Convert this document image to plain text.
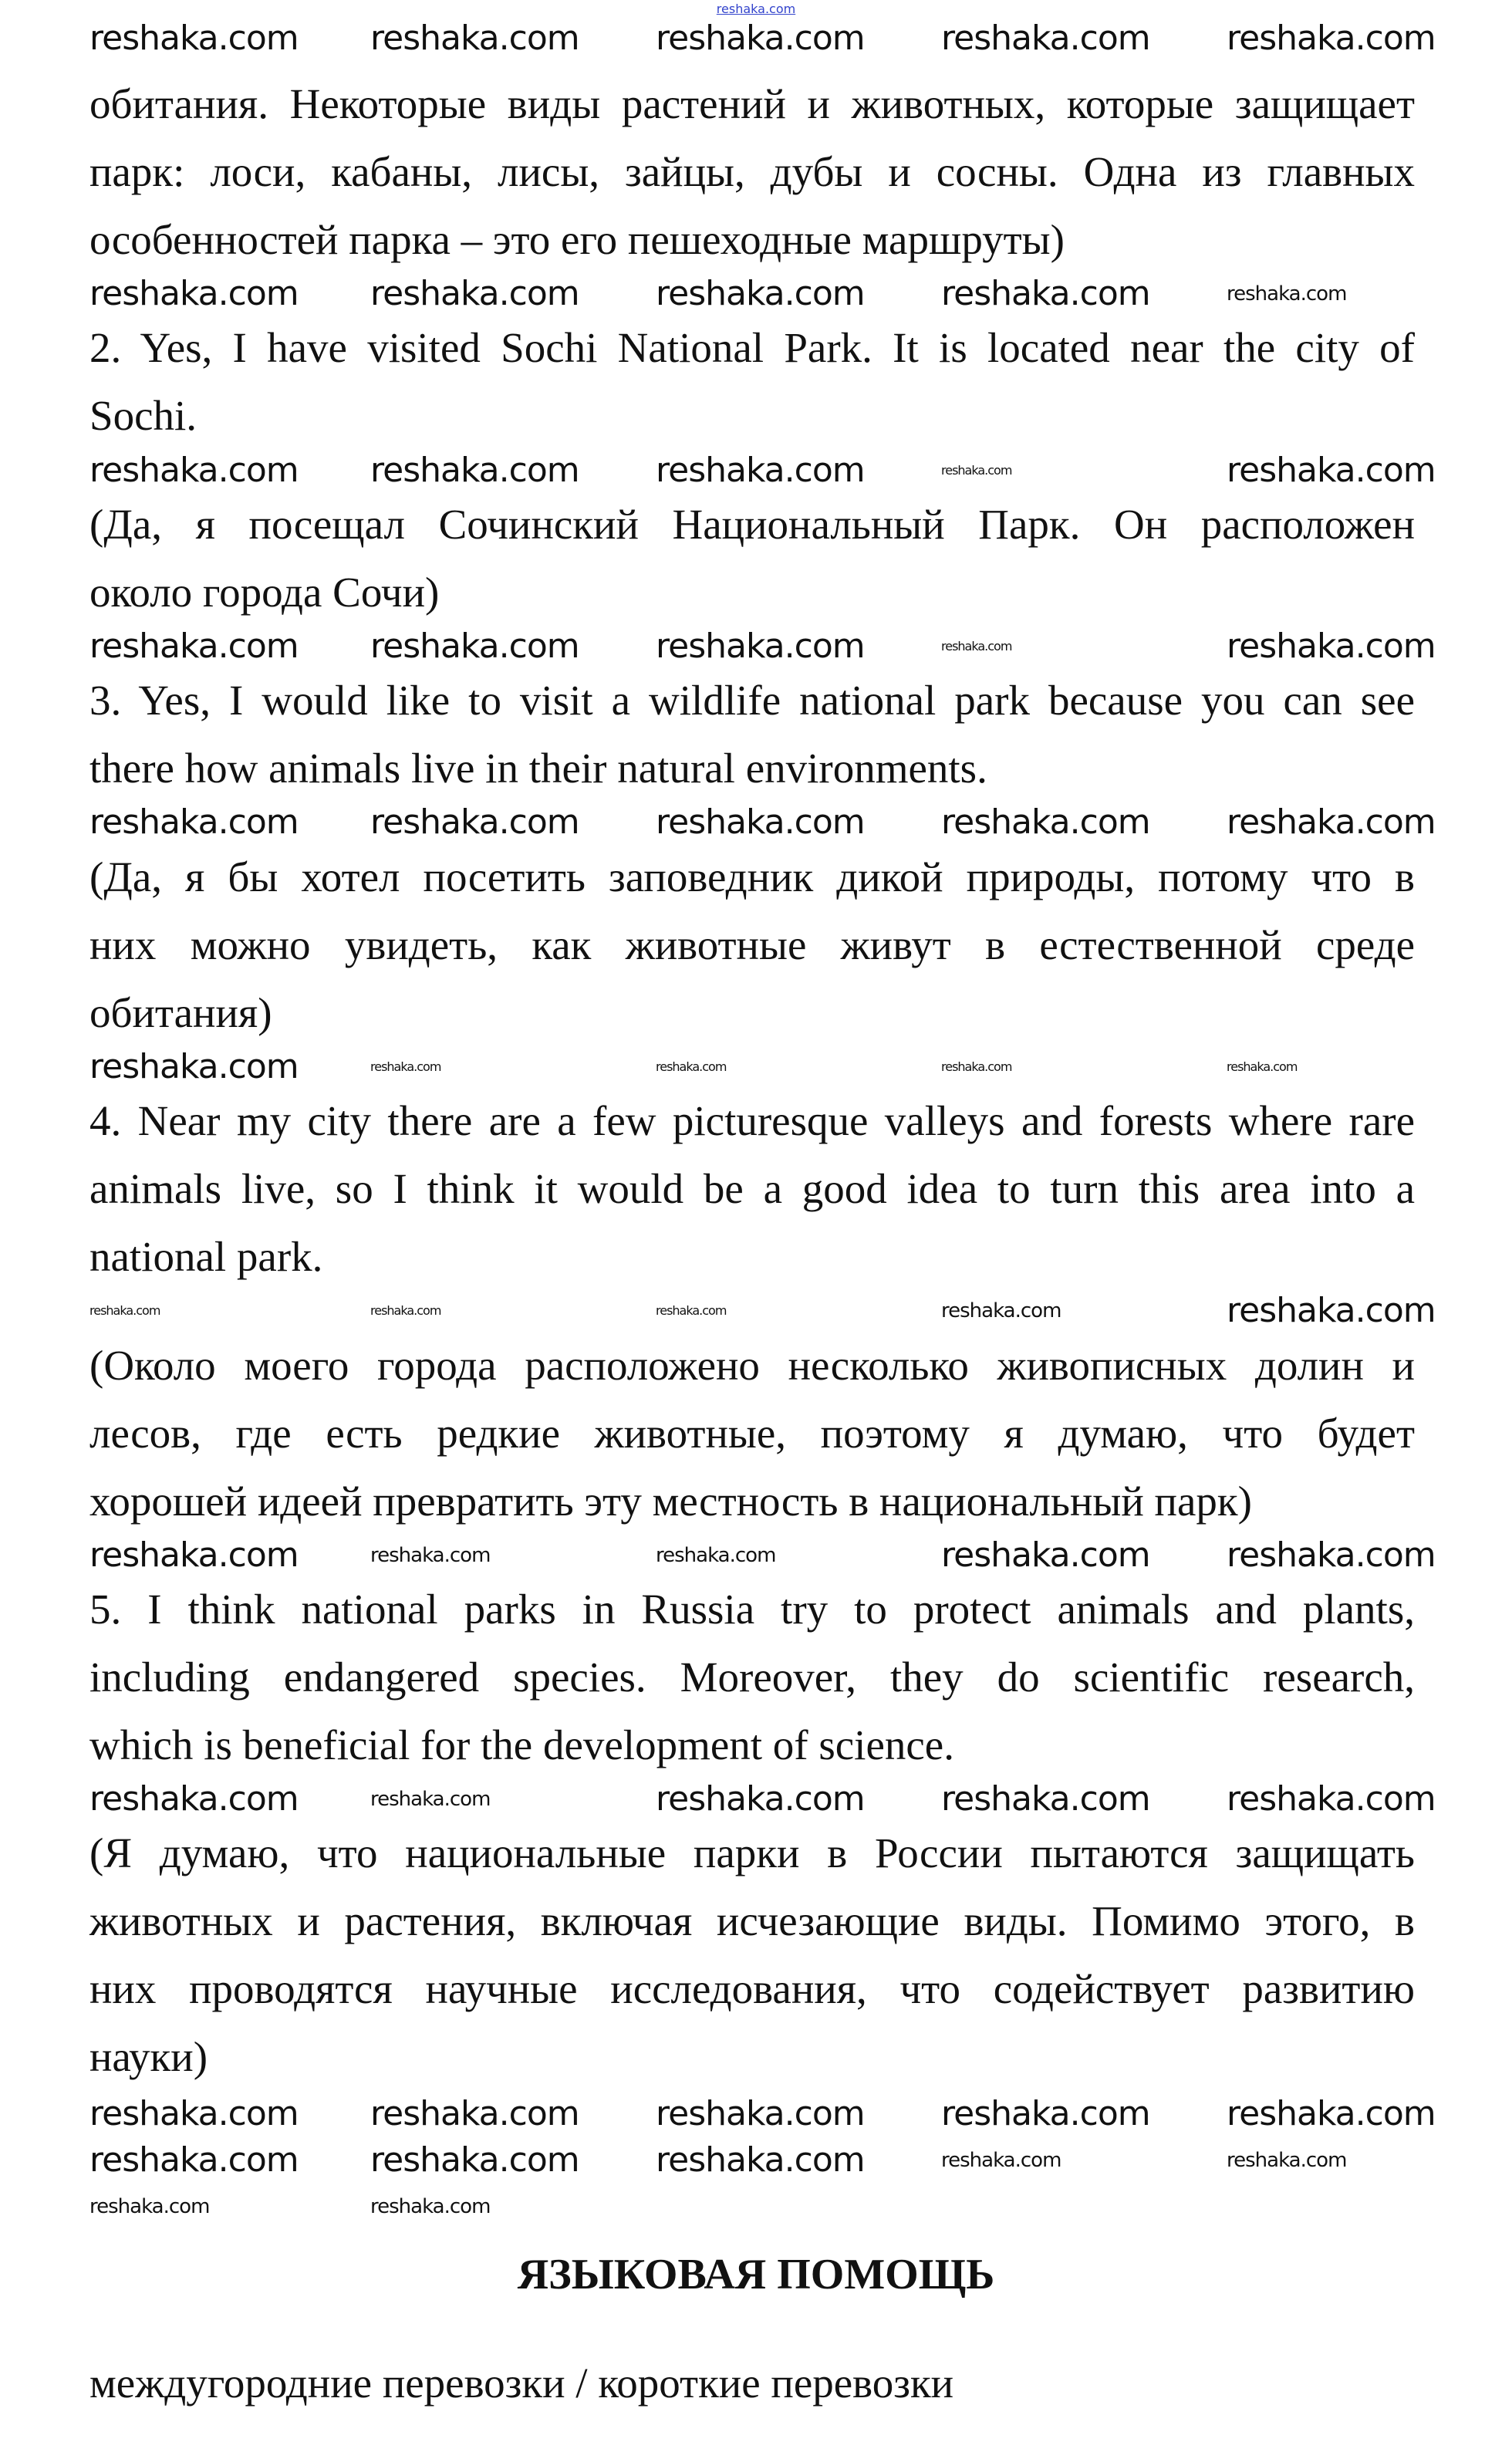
reshaka.com
обитания. Некоторые виды растений и животных, которые защищает
парк: лоси, кабаны, лисы, зайцы, дубы и сосны. Одна из главных
особенностей парка – это его пешеходные маршруты)
2. Yes, I have visited Sochi National Park. It is located near the city of
Sochi.
(Да, я посещал Сочинский Национальный Парк. Он расположен
около города Сочи)
3. Yes, I would like to visit a wildlife national park because you can see
there how animals live in their natural environments.
(Да, я бы хотел посетить заповедник дикой природы, потому что в
них можно увидеть, как животные живут в естественной среде
обитания)
4. Near my city there are a few picturesque valleys and forests where rare
animals live, so I think it would be a good idea to turn this area into a
national park.
(Около моего города расположено несколько живописных долин и
лесов, где есть редкие животные, поэтому я думаю, что будет
хорошей идеей превратить эту местность в национальный парк)
5. I think national parks in Russia try to protect animals and plants,
including endangered species. Moreover, they do scientific research,
which is beneficial for the development of science.
(Я думаю, что национальные парки в России пытаются защищать
животных и растения, включая исчезающие виды. Помимо этого, в
них проводятся научные исследования, что содействует развитию
науки)
ЯЗЫКОВАЯ ПОМОЩЬ
междугородние перевозки / короткие перевозки
reshaka.com reshaka.com reshaka.com reshaka.com reshaka.com
reshaka.com reshaka.com reshaka.com reshaka.com	reshaka.com
reshaka.com reshaka.com reshaka.com	reshaka.com	reshaka.com
reshaka.com reshaka.com reshaka.com	reshaka.com	reshaka.com
reshaka.com reshaka.com reshaka.com reshaka.com reshaka.com
reshaka.com	reshaka.com	reshaka.com	reshaka.com	reshaka.com
reshaka.com	reshaka.com	reshaka.com	reshaka.com	reshaka.com
reshaka.com	reshaka.com	reshaka.com	reshaka.com reshaka.com
reshaka.com	reshaka.com	reshaka.com reshaka.com reshaka.com
reshaka.com reshaka.com reshaka.com reshaka.com reshaka.com
reshaka.com reshaka.com reshaka.com	reshaka.com	reshaka.com
reshaka.com	reshaka.com
